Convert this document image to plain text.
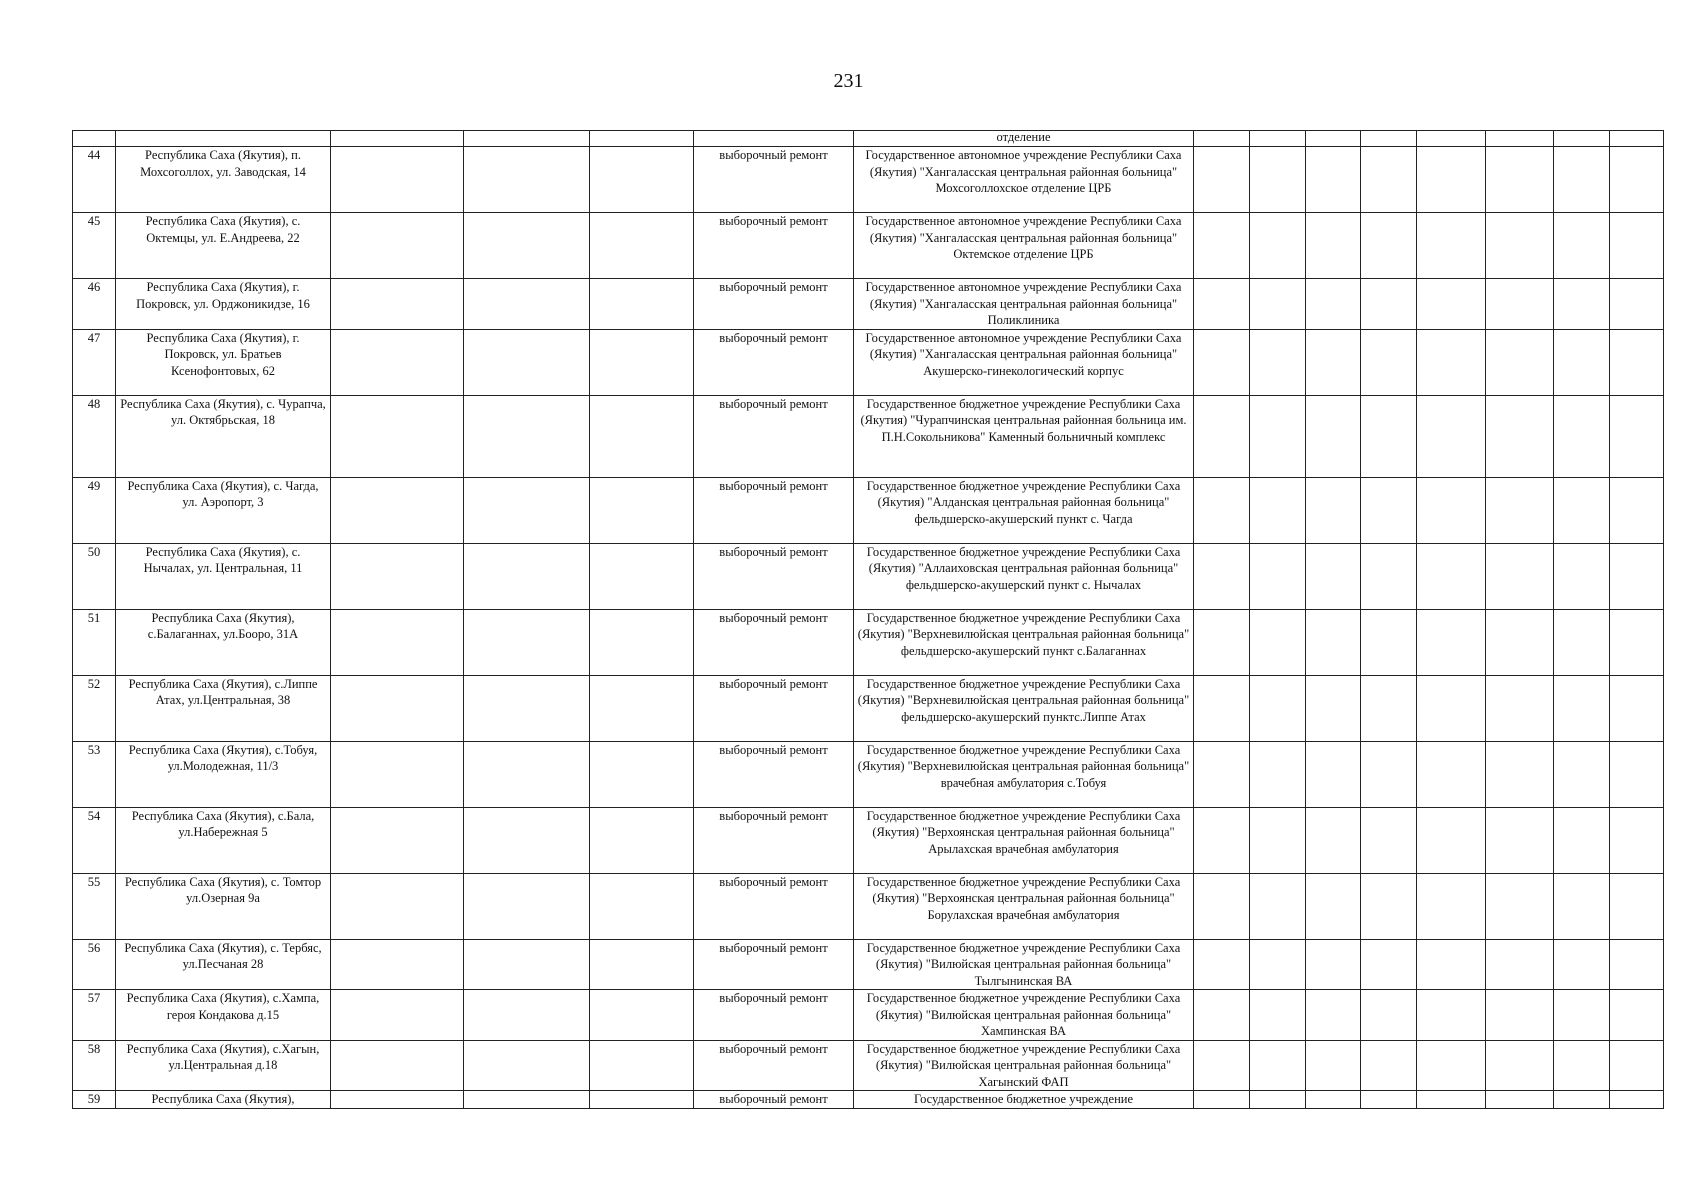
231
						отделение								
44	Республика Саха (Якутия), п. Мохсоголлох, ул. Заводская, 14				выборочный ремонт	Государственное автономное учреждение Республики Саха (Якутия) "Хангаласская центральная районная больница" Мохсоголлохское отделение ЦРБ								
45	Республика Саха (Якутия), с. Октемцы, ул. Е.Андреева, 22				выборочный ремонт	Государственное автономное учреждение Республики Саха (Якутия) "Хангаласская центральная районная больница" Октемское отделение ЦРБ								
46	Республика Саха (Якутия), г. Покровск, ул. Орджоникидзе, 16				выборочный ремонт	Государственное автономное учреждение Республики Саха (Якутия) "Хангаласская центральная районная больница" Поликлиника								
47	Республика Саха (Якутия), г. Покровск, ул. Братьев Ксенофонтовых, 62				выборочный ремонт	Государственное автономное учреждение Республики Саха (Якутия) "Хангаласская центральная районная больница" Акушерско-гинекологический корпус								
48	Республика Саха (Якутия), с. Чурапча, ул. Октябрьская, 18				выборочный ремонт	Государственное бюджетное учреждение Республики Саха (Якутия) "Чурапчинская центральная районная больница им. П.Н.Сокольникова" Каменный больничный комплекс								
49	Республика Саха (Якутия), с. Чагда, ул. Аэропорт, 3				выборочный ремонт	Государственное бюджетное учреждение Республики Саха (Якутия) "Алданская центральная районная больница" фельдшерско-акушерский пункт с. Чагда								
50	Республика Саха (Якутия), с. Нычалах, ул. Центральная, 11				выборочный ремонт	Государственное бюджетное учреждение Республики Саха (Якутия) "Аллаиховская центральная районная больница" фельдшерско-акушерский пункт с. Нычалах								
51	Республика Саха (Якутия), с.Балаганнах, ул.Бооро, 31А				выборочный ремонт	Государственное бюджетное учреждение Республики Саха (Якутия) "Верхневилюйская центральная районная больница" фельдшерско-акушерский пункт с.Балаганнах								
52	Республика Саха (Якутия), с.Липпе Атах, ул.Центральная, 38				выборочный ремонт	Государственное бюджетное учреждение Республики Саха (Якутия) "Верхневилюйская центральная районная больница" фельдшерско-акушерский пунктс.Липпе Атах								
53	Республика Саха (Якутия), с.Тобуя, ул.Молодежная, 11/3				выборочный ремонт	Государственное бюджетное учреждение Республики Саха (Якутия) "Верхневилюйская центральная районная больница" врачебная амбулатория с.Тобуя								
54	Республика Саха (Якутия), с.Бала, ул.Набережная 5				выборочный ремонт	Государственное бюджетное учреждение Республики Саха (Якутия) "Верхоянская центральная районная больница" Арылахская врачебная амбулатория								
55	Республика Саха (Якутия), с. Томтор ул.Озерная 9а				выборочный ремонт	Государственное бюджетное учреждение Республики Саха (Якутия) "Верхоянская центральная районная больница" Борулахская врачебная амбулатория								
56	Республика Саха (Якутия), с. Тербяс, ул.Песчаная 28				выборочный ремонт	Государственное бюджетное учреждение Республики Саха (Якутия) "Вилюйская центральная районная больница" Тылгынинская ВА								
57	Республика Саха (Якутия), с.Хампа, героя Кондакова д.15				выборочный ремонт	Государственное бюджетное учреждение Республики Саха (Якутия) "Вилюйская центральная районная больница" Хампинская ВА								
58	Республика Саха (Якутия), с.Хагын, ул.Центральная д.18				выборочный ремонт	Государственное бюджетное учреждение Республики Саха (Якутия) "Вилюйская центральная районная больница" Хагынский ФАП								
59	Республика Саха (Якутия),				выборочный ремонт	Государственное бюджетное учреждение								
